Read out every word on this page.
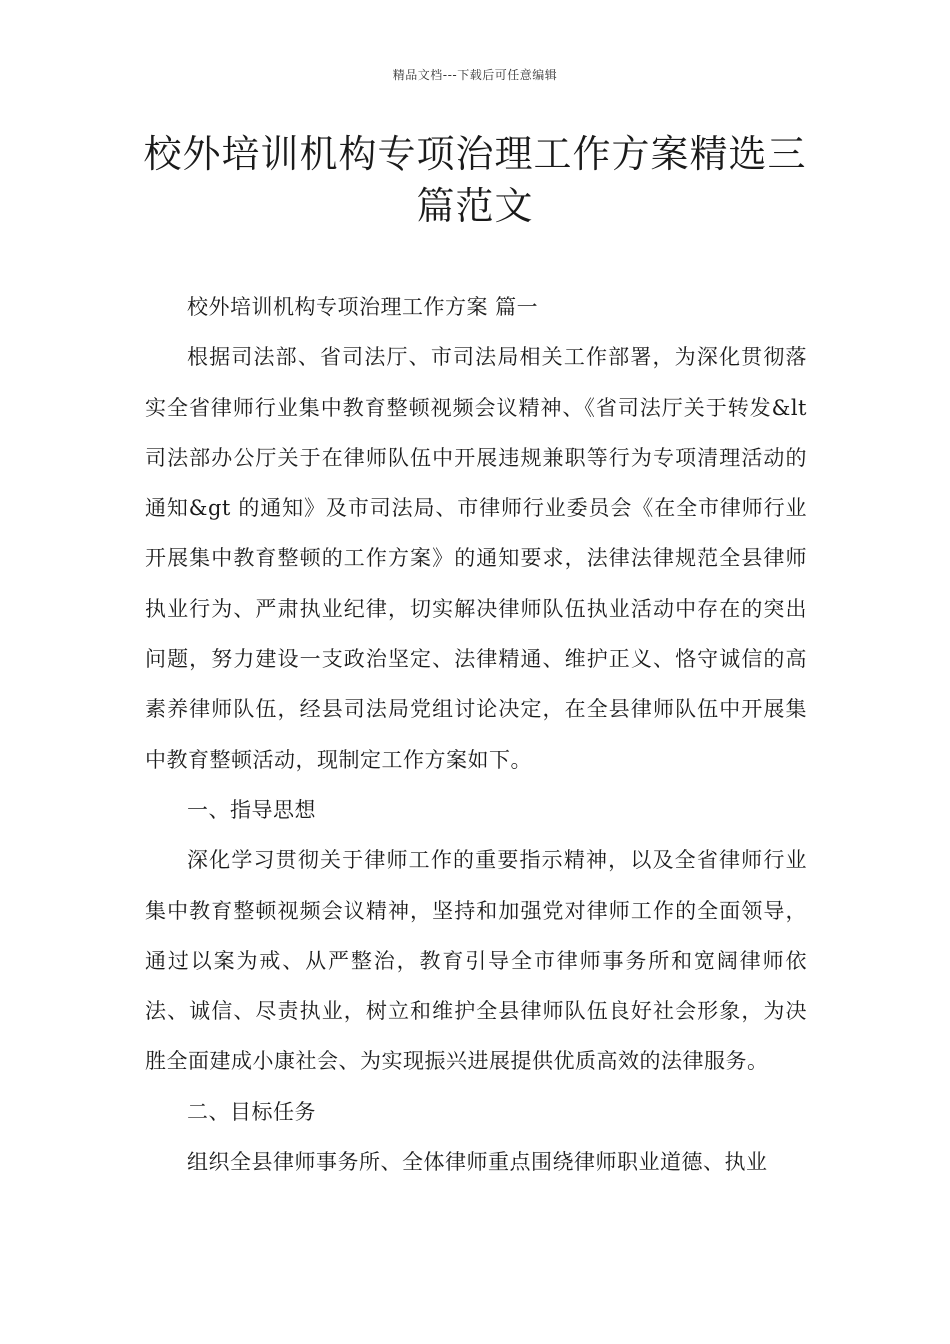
精品文档---下载后可任意编辑
校外培训机构专项治理工作方案精选三篇范文

校外培训机构专项治理工作方案 篇一

根据司法部、省司法厅、市司法局相关工作部署，为深化贯彻落实全省律师行业集中教育整顿视频会议精神、《省司法厅关于转发&lt 司法部办公厅关于在律师队伍中开展违规兼职等行为专项清理活动的通知&gt 的通知》及市司法局、市律师行业委员会《在全市律师行业开展集中教育整顿的工作方案》的通知要求，法律法律规范全县律师执业行为、严肃执业纪律，切实解决律师队伍执业活动中存在的突出问题，努力建设一支政治坚定、法律精通、维护正义、恪守诚信的高素养律师队伍，经县司法局党组讨论决定，在全县律师队伍中开展集中教育整顿活动，现制定工作方案如下。

一、指导思想

深化学习贯彻关于律师工作的重要指示精神，以及全省律师行业集中教育整顿视频会议精神，坚持和加强党对律师工作的全面领导，通过以案为戒、从严整治，教育引导全市律师事务所和宽阔律师依法、诚信、尽责执业，树立和维护全县律师队伍良好社会形象，为决胜全面建成小康社会、为实现振兴进展提供优质高效的法律服务。

二、目标任务

组织全县律师事务所、全体律师重点围绕律师职业道德、执业
